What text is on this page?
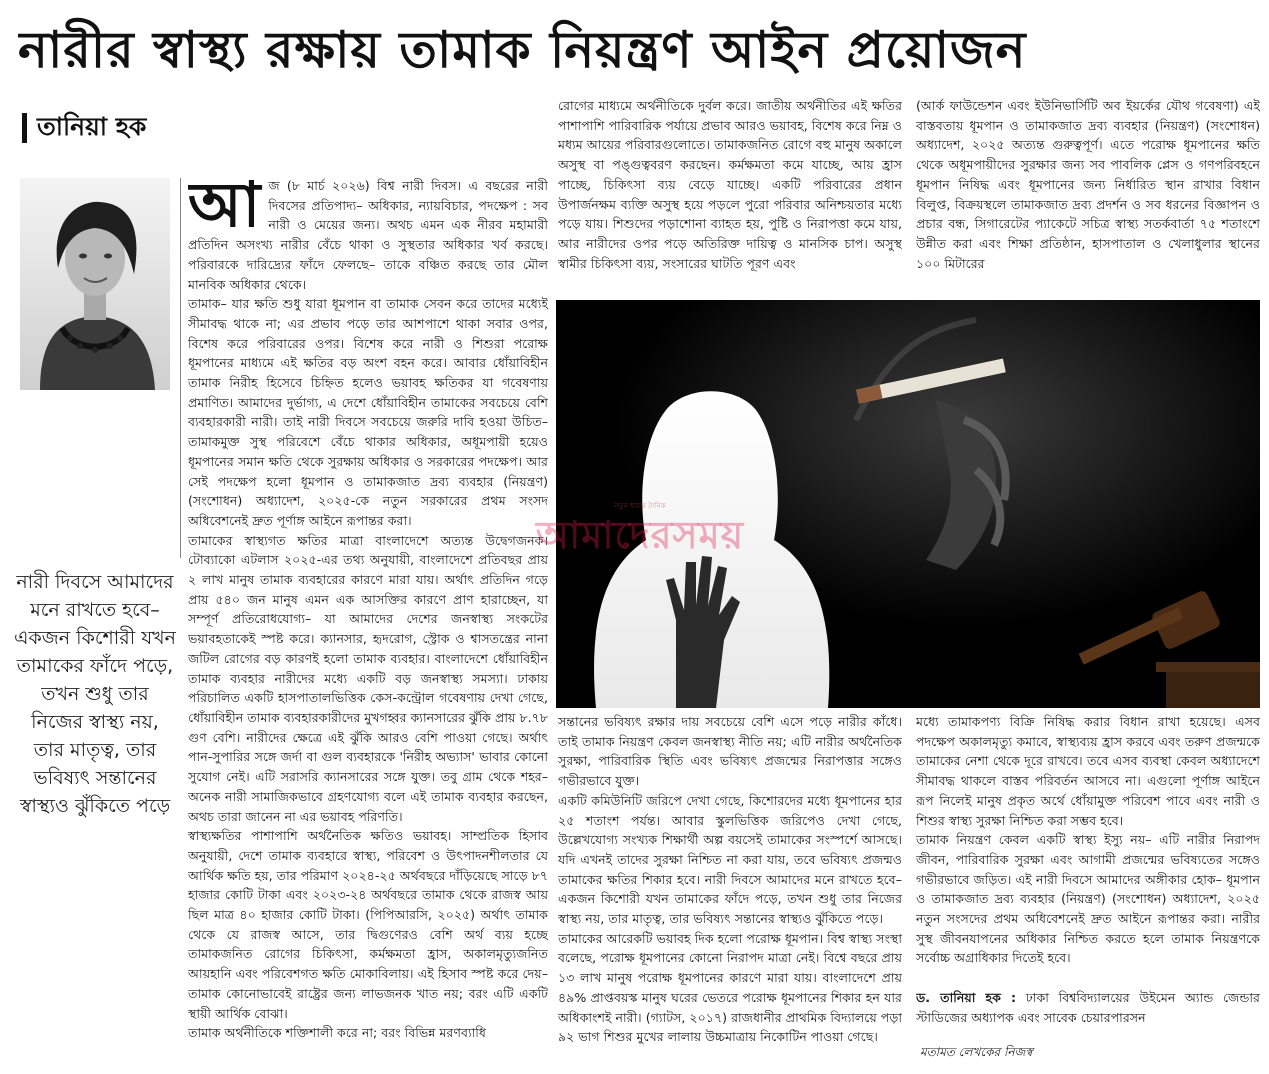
নারীর স্বাস্থ্য রক্ষায় তামাক নিয়ন্ত্রণ আইন প্রয়োজন
তানিয়া হক
নারী দিবসে আমাদের মনে রাখতে হবে– একজন কিশোরী যখন তামাকের ফাঁদে পড়ে, তখন শুধু তার নিজের স্বাস্থ্য নয়, তার মাতৃত্ব, তার ভবিষ্যৎ সন্তানের স্বাস্থ্যও ঝুঁকিতে পড়ে
আ জ (৮ মার্চ ২০২৬) বিশ্ব নারী দিবস। এ বছরের নারী দিবসের প্রতিপাদ্য– অধিকার, ন্যায়বিচার, পদক্ষেপ : সব নারী ও মেয়ের জন্য। অথচ এমন এক নীরব মহামারী প্রতিদিন অসংখ্য নারীর বেঁচে থাকা ও সুস্থতার অধিকার খর্ব করছে। পরিবারকে দারিদ্র্যের ফাঁদে ফেলছে– তাকে বঞ্চিত করছে তার মৌল মানবিক অধিকার থেকে।

তামাক– যার ক্ষতি শুধু যারা ধূমপান বা তামাক সেবন করে তাদের মধ্যেই সীমাবদ্ধ থাকে না; এর প্রভাব পড়ে তার আশপাশে থাকা সবার ওপর, বিশেষ করে পরিবারের ওপর। বিশেষ করে নারী ও শিশুরা পরোক্ষ ধূমপানের মাধ্যমে এই ক্ষতির বড় অংশ বহন করে। আবার ধোঁয়াবিহীন তামাক নিরীহ হিসেবে চিহ্নিত হলেও ভয়াবহ ক্ষতিকর যা গবেষণায় প্রমাণিত। আমাদের দুর্ভাগ্য, এ দেশে ধোঁয়াবিহীন তামাকের সবচেয়ে বেশি ব্যবহারকারী নারী। তাই নারী দিবসে সবচেয়ে জরুরি দাবি হওয়া উচিত– তামাকমুক্ত সুস্থ পরিবেশে বেঁচে থাকার অধিকার, অধূমপায়ী হয়েও ধূমপানের সমান ক্ষতি থেকে সুরক্ষায় অধিকার ও সরকারের পদক্ষেপ। আর সেই পদক্ষেপ হলো ধূমপান ও তামাকজাত দ্রব্য ব্যবহার (নিয়ন্ত্রণ) (সংশোধন) অধ্যাদেশ, ২০২৫-কে নতুন সরকারের প্রথম সংসদ অধিবেশনেই দ্রুত পূর্ণাঙ্গ আইনে রূপান্তর করা।

তামাকের স্বাস্থ্যগত ক্ষতির মাত্রা বাংলাদেশে অত্যন্ত উদ্বেগজনক। টোব্যাকো এটলাস ২০২৫-এর তথ্য অনুযায়ী, বাংলাদেশে প্রতিবছর প্রায় ২ লাখ মানুষ তামাক ব্যবহারের কারণে মারা যায়। অর্থাৎ প্রতিদিন গড়ে প্রায় ৫৪০ জন মানুষ এমন এক আসক্তির কারণে প্রাণ হারাচ্ছেন, যা সম্পূর্ণ প্রতিরোধযোগ্য– যা আমাদের দেশের জনস্বাস্থ্য সংকটের ভয়াবহতাকেই স্পষ্ট করে। ক্যানসার, হৃদরোগ, স্ট্রোক ও শ্বাসতন্ত্রের নানা জটিল রোগের বড় কারণই হলো তামাক ব্যবহার। বাংলাদেশে ধোঁয়াবিহীন তামাক ব্যবহার নারীদের মধ্যে একটি বড় জনস্বাস্থ্য সমস্যা। ঢাকায় পরিচালিত একটি হাসপাতালভিত্তিক কেস-কন্ট্রোল গবেষণায় দেখা গেছে, ধোঁয়াবিহীন তামাক ব্যবহারকারীদের মুখগহ্বর ক্যানসারের ঝুঁকি প্রায় ৮.৭৮ গুণ বেশি। নারীদের ক্ষেত্রে এই ঝুঁকি আরও বেশি পাওয়া গেছে। অর্থাৎ পান-সুপারির সঙ্গে জর্দা বা গুল ব্যবহারকে 'নিরীহ অভ্যাস' ভাবার কোনো সুযোগ নেই। এটি সরাসরি ক্যানসারের সঙ্গে যুক্ত। তবু গ্রাম থেকে শহর– অনেক নারী সামাজিকভাবে গ্রহণযোগ্য বলে এই তামাক ব্যবহার করছেন, অথচ তারা জানেন না এর ভয়াবহ পরিণতি।

স্বাস্থ্যক্ষতির পাশাপাশি অর্থনৈতিক ক্ষতিও ভয়াবহ। সাম্প্রতিক হিসাব অনুযায়ী, দেশে তামাক ব্যবহারে স্বাস্থ্য, পরিবেশ ও উৎপাদনশীলতার যে আর্থিক ক্ষতি হয়, তার পরিমাণ ২০২৪-২৫ অর্থবছরে দাঁড়িয়েছে সাড়ে ৮৭ হাজার কোটি টাকা এবং ২০২৩-২৪ অর্থবছরে তামাক থেকে রাজস্ব আয় ছিল মাত্র ৪০ হাজার কোটি টাকা। (পিপিআরসি, ২০২৫) অর্থাৎ তামাক থেকে যে রাজস্ব আসে, তার দ্বিগুণেরও বেশি অর্থ ব্যয় হচ্ছে তামাকজনিত রোগের চিকিৎসা, কর্মক্ষমতা হ্রাস, অকালমৃত্যুজনিত আয়হানি এবং পরিবেশগত ক্ষতি মোকাবিলায়। এই হিসাব স্পষ্ট করে দেয়– তামাক কোনোভাবেই রাষ্ট্রের জন্য লাভজনক খাত নয়; বরং এটি একটি স্থায়ী আর্থিক বোঝা।

তামাক অর্থনীতিকে শক্তিশালী করে না; বরং বিভিন্ন মরণব্যাধি

রোগের মাধ্যমে অর্থনীতিকে দুর্বল করে। জাতীয় অর্থনীতির এই ক্ষতির পাশাপাশি পারিবারিক পর্যায়ে প্রভাব আরও ভয়াবহ, বিশেষ করে নিম্ন ও মধ্যম আয়ের পরিবারগুলোতে। তামাকজনিত রোগে বহু মানুষ অকালে অসুস্থ বা পঙ্গুত্ববরণ করছেন। কর্মক্ষমতা কমে যাচ্ছে, আয় হ্রাস পাচ্ছে, চিকিৎসা ব্যয় বেড়ে যাচ্ছে। একটি পরিবারের প্রধান উপার্জনক্ষম ব্যক্তি অসুস্থ হয়ে পড়লে পুরো পরিবার অনিশ্চয়তার মধ্যে পড়ে যায়। শিশুদের পড়াশোনা ব্যাহত হয়, পুষ্টি ও নিরাপত্তা কমে যায়, আর নারীদের ওপর পড়ে অতিরিক্ত দায়িত্ব ও মানসিক চাপ। অসুস্থ স্বামীর চিকিৎসা ব্যয়, সংসারের ঘাটতি পূরণ এবং

(আর্ক ফাউন্ডেশন এবং ইউনিভার্সিটি অব ইয়র্কের যৌথ গবেষণা) এই বাস্তবতায় ধূমপান ও তামাকজাত দ্রব্য ব্যবহার (নিয়ন্ত্রণ) (সংশোধন) অধ্যাদেশ, ২০২৫ অত্যন্ত গুরুত্বপূর্ণ। এতে পরোক্ষ ধূমপানের ক্ষতি থেকে অধূমপায়ীদের সুরক্ষার জন্য সব পাবলিক প্লেস ও গণপরিবহনে ধূমপান নিষিদ্ধ এবং ধূমপানের জন্য নির্ধারিত স্থান রাখার বিধান বিলুপ্ত, বিক্রয়স্থলে তামাকজাত দ্রব্য প্রদর্শন ও সব ধরনের বিজ্ঞাপন ও প্রচার বন্ধ, সিগারেটের প্যাকেটে সচিত্র স্বাস্থ্য সতর্কবার্তা ৭৫ শতাংশে উন্নীত করা এবং শিক্ষা প্রতিষ্ঠান, হাসপাতাল ও খেলাধুলার স্থানের ১০০ মিটারের

আমাদেরসময়
নতুন ধারার দৈনিক

সন্তানের ভবিষ্যৎ রক্ষার দায় সবচেয়ে বেশি এসে পড়ে নারীর কাঁধে। তাই তামাক নিয়ন্ত্রণ কেবল জনস্বাস্থ্য নীতি নয়; এটি নারীর অর্থনৈতিক সুরক্ষা, পারিবারিক স্থিতি এবং ভবিষ্যৎ প্রজন্মের নিরাপত্তার সঙ্গেও গভীরভাবে যুক্ত।

একটি কমিউনিটি জরিপে দেখা গেছে, কিশোরদের মধ্যে ধূমপানের হার ২৫ শতাংশ পর্যন্ত। আবার স্কুলভিত্তিক জরিপেও দেখা গেছে, উল্লেখযোগ্য সংখ্যক শিক্ষার্থী অল্প বয়সেই তামাকের সংস্পর্শে আসছে। যদি এখনই তাদের সুরক্ষা নিশ্চিত না করা যায়, তবে ভবিষ্যৎ প্রজন্মও তামাকের ক্ষতির শিকার হবে। নারী দিবসে আমাদের মনে রাখতে হবে– একজন কিশোরী যখন তামাকের ফাঁদে পড়ে, তখন শুধু তার নিজের স্বাস্থ্য নয়, তার মাতৃত্ব, তার ভবিষ্যৎ সন্তানের স্বাস্থ্যও ঝুঁকিতে পড়ে।

তামাকের আরেকটি ভয়াবহ দিক হলো পরোক্ষ ধূমপান। বিশ্ব স্বাস্থ্য সংস্থা বলেছে, পরোক্ষ ধূমপানের কোনো নিরাপদ মাত্রা নেই। বিশ্বে বছরে প্রায় ১৩ লাখ মানুষ পরোক্ষ ধূমপানের কারণে মারা যায়। বাংলাদেশে প্রায় ৪৯% প্রাপ্তবয়স্ক মানুষ ঘরের ভেতরে পরোক্ষ ধূমপানের শিকার হন যার অধিকাংশই নারী। (গ্যাটস, ২০১৭) রাজধানীর প্রাথমিক বিদ্যালয়ে পড়া ৯২ ভাগ শিশুর মুখের লালায় উচ্চমাত্রায় নিকোটিন পাওয়া গেছে।

মধ্যে তামাকপণ্য বিক্রি নিষিদ্ধ করার বিধান রাখা হয়েছে। এসব পদক্ষেপ অকালমৃত্যু কমাবে, স্বাস্থ্যব্যয় হ্রাস করবে এবং তরুণ প্রজন্মকে তামাকের নেশা থেকে দূরে রাখবে। তবে এসব ব্যবস্থা কেবল অধ্যাদেশে সীমাবদ্ধ থাকলে বাস্তব পরিবর্তন আসবে না। এগুলো পূর্ণাঙ্গ আইনে রূপ নিলেই মানুষ প্রকৃত অর্থে ধোঁয়ামুক্ত পরিবেশ পাবে এবং নারী ও শিশুর স্বাস্থ্য সুরক্ষা নিশ্চিত করা সম্ভব হবে।

তামাক নিয়ন্ত্রণ কেবল একটি স্বাস্থ্য ইস্যু নয়– এটি নারীর নিরাপদ জীবন, পারিবারিক সুরক্ষা এবং আগামী প্রজন্মের ভবিষ্যতের সঙ্গেও গভীরভাবে জড়িত। এই নারী দিবসে আমাদের অঙ্গীকার হোক– ধূমপান ও তামাকজাত দ্রব্য ব্যবহার (নিয়ন্ত্রণ) (সংশোধন) অধ্যাদেশ, ২০২৫ নতুন সংসদের প্রথম অধিবেশনেই দ্রুত আইনে রূপান্তর করা। নারীর সুস্থ জীবনযাপনের অধিকার নিশ্চিত করতে হলে তামাক নিয়ন্ত্রণকে সর্বোচ্চ অগ্রাধিকার দিতেই হবে।

ড. তানিয়া হক : ঢাকা বিশ্ববিদ্যালয়ের উইমেন অ্যান্ড জেন্ডার স্টাডিজের অধ্যাপক এবং সাবেক চেয়ারপারসন

মতামত লেখকের নিজস্ব
